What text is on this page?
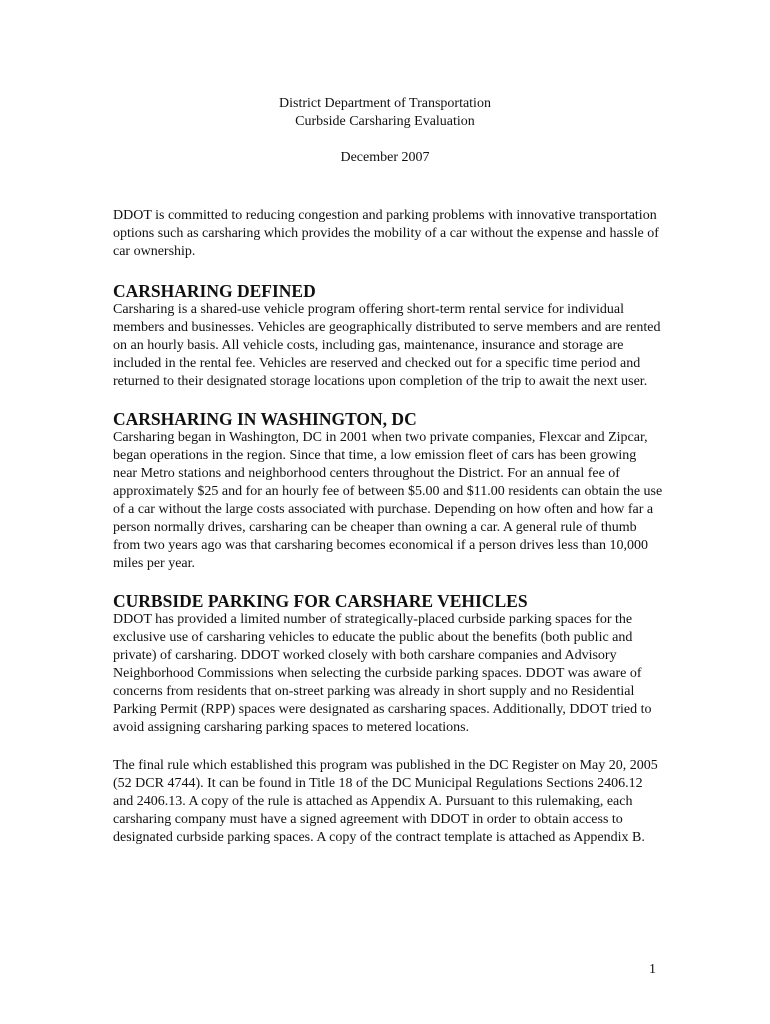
District Department of Transportation
Curbside Carsharing Evaluation
December 2007

DDOT is committed to reducing congestion and parking problems with innovative transportation options such as carsharing which provides the mobility of a car without the expense and hassle of car ownership.

CARSHARING DEFINED

Carsharing is a shared-use vehicle program offering short-term rental service for individual members and businesses. Vehicles are geographically distributed to serve members and are rented on an hourly basis. All vehicle costs, including gas, maintenance, insurance and storage are included in the rental fee. Vehicles are reserved and checked out for a specific time period and returned to their designated storage locations upon completion of the trip to await the next user.

CARSHARING IN WASHINGTON, DC

Carsharing began in Washington, DC in 2001 when two private companies, Flexcar and Zipcar, began operations in the region. Since that time, a low emission fleet of cars has been growing near Metro stations and neighborhood centers throughout the District. For an annual fee of approximately $25 and for an hourly fee of between $5.00 and $11.00 residents can obtain the use of a car without the large costs associated with purchase. Depending on how often and how far a person normally drives, carsharing can be cheaper than owning a car. A general rule of thumb from two years ago was that carsharing becomes economical if a person drives less than 10,000 miles per year.

CURBSIDE PARKING FOR CARSHARE VEHICLES

DDOT has provided a limited number of strategically-placed curbside parking spaces for the exclusive use of carsharing vehicles to educate the public about the benefits (both public and private) of carsharing. DDOT worked closely with both carshare companies and Advisory Neighborhood Commissions when selecting the curbside parking spaces. DDOT was aware of concerns from residents that on-street parking was already in short supply and no Residential Parking Permit (RPP) spaces were designated as carsharing spaces. Additionally, DDOT tried to avoid assigning carsharing parking spaces to metered locations.

The final rule which established this program was published in the DC Register on May 20, 2005 (52 DCR 4744). It can be found in Title 18 of the DC Municipal Regulations Sections 2406.12 and 2406.13. A copy of the rule is attached as Appendix A. Pursuant to this rulemaking, each carsharing company must have a signed agreement with DDOT in order to obtain access to designated curbside parking spaces. A copy of the contract template is attached as Appendix B.

1
